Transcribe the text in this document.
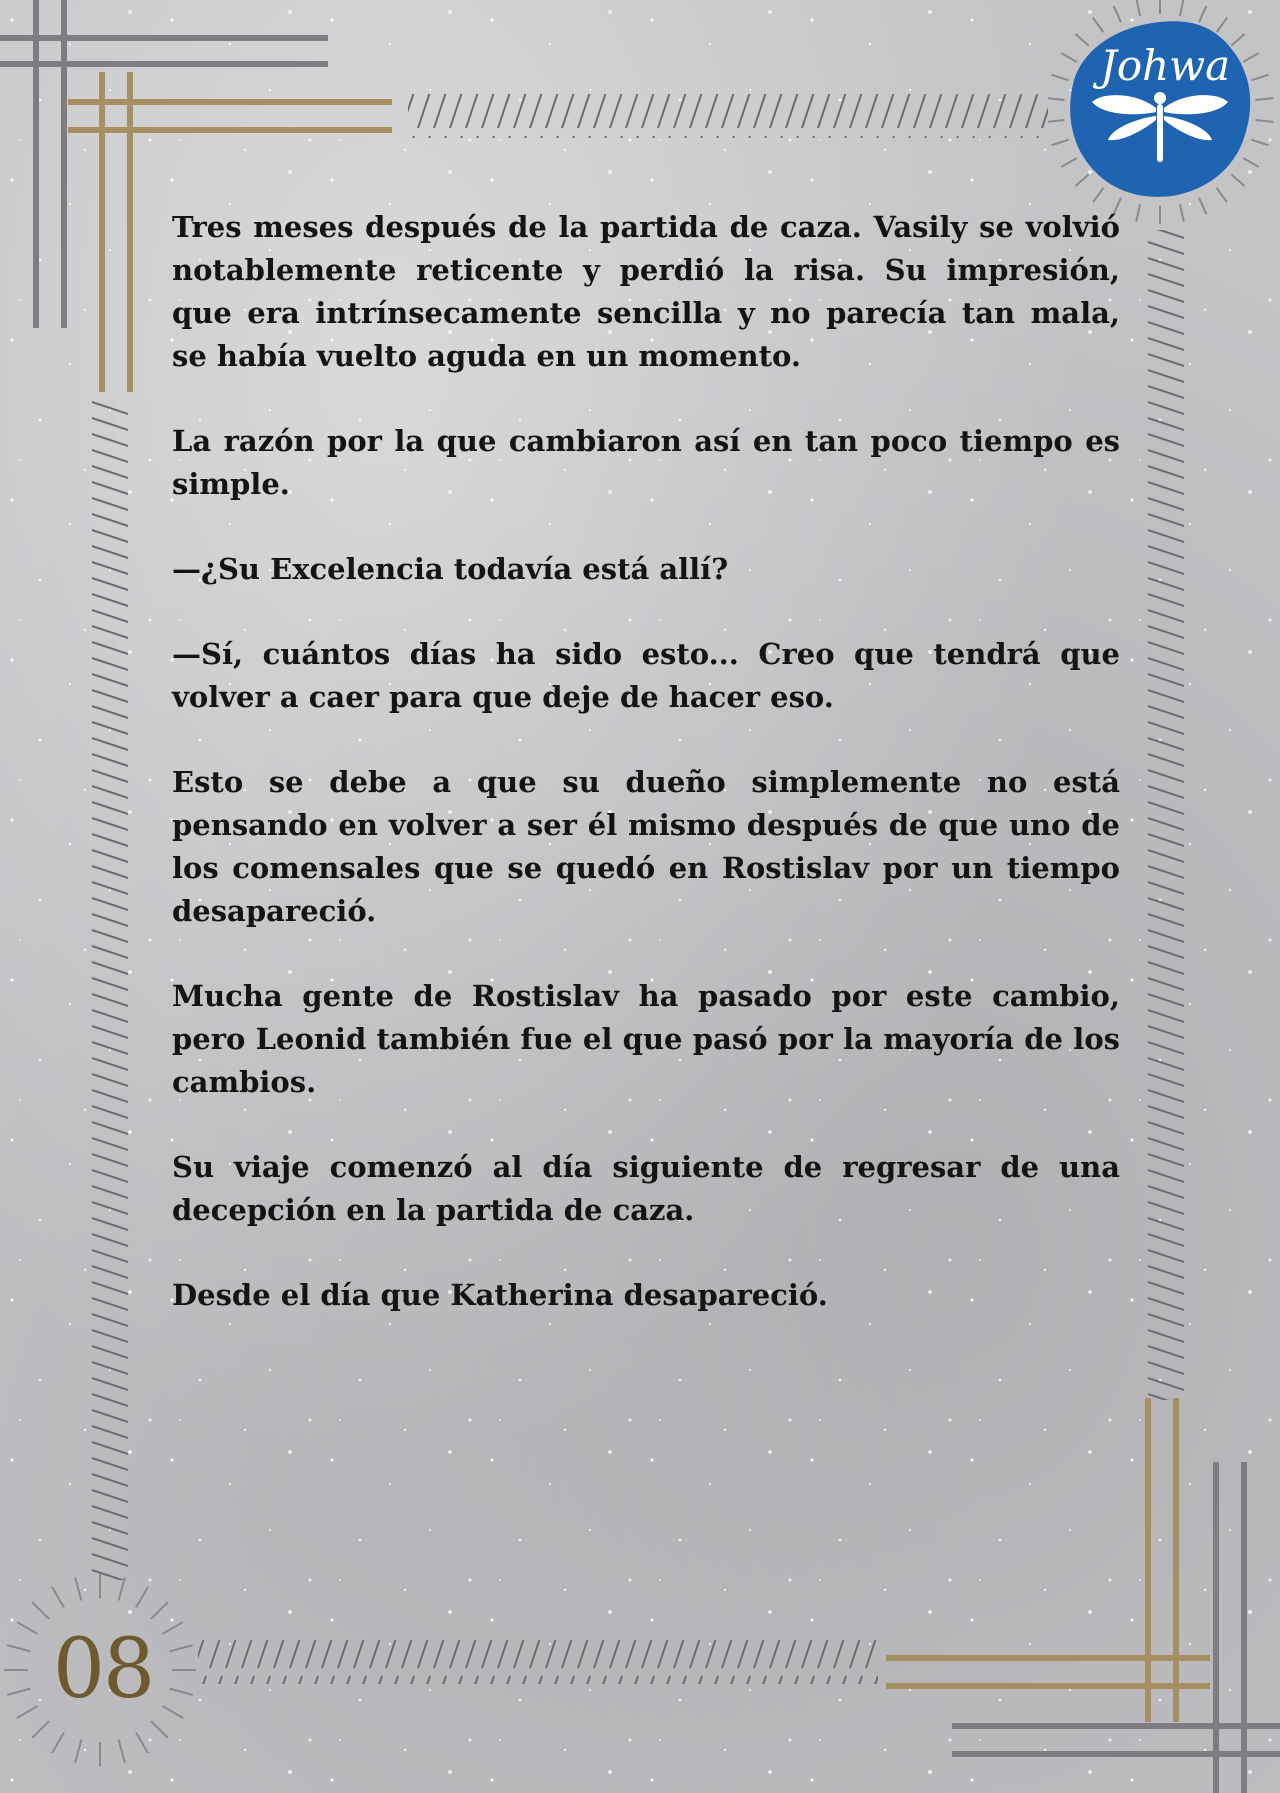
Johwa

Tres meses después de la partida de caza. Vasily se volvió notablemente reticente y perdió la risa. Su impresión, que era intrínsecamente sencilla y no parecía tan mala, se había vuelto aguda en un momento.

La razón por la que cambiaron así en tan poco tiempo es simple.

—¿Su Excelencia todavía está allí?

—Sí, cuántos días ha sido esto... Creo que tendrá que volver a caer para que deje de hacer eso.

Esto se debe a que su dueño simplemente no está pensando en volver a ser él mismo después de que uno de los comensales que se quedó en Rostislav por un tiempo desapareció.

Mucha gente de Rostislav ha pasado por este cambio, pero Leonid también fue el que pasó por la mayoría de los cambios.

Su viaje comenzó al día siguiente de regresar de una decepción en la partida de caza.

Desde el día que Katherina desapareció.

08
